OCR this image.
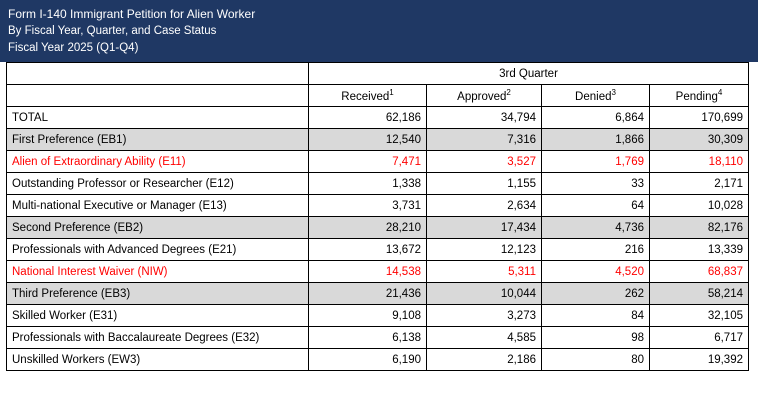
Form I-140 Immigrant Petition for Alien Worker
By Fiscal Year, Quarter, and Case Status
Fiscal Year 2025 (Q1-Q4)
	3rd Quarter			
	Received$^1$	Approved$^2$	Denied$^3$	Pending$^4$
TOTAL	62,186	34,794	6,864	170,699
First Preference (EB1)	12,540	7,316	1,866	30,309
Alien of Extraordinary Ability (E11)	7,471	3,527	1,769	18,110
Outstanding Professor or Researcher (E12)	1,338	1,155	33	2,171
Multi-national Executive or Manager (E13)	3,731	2,634	64	10,028
Second Preference (EB2)	28,210	17,434	4,736	82,176
Professionals with Advanced Degrees (E21)	13,672	12,123	216	13,339
National Interest Waiver (NIW)	14,538	5,311	4,520	68,837
Third Preference (EB3)	21,436	10,044	262	58,214
Skilled Worker (E31)	9,108	3,273	84	32,105
Professionals with Baccalaureate Degrees (E32)	6,138	4,585	98	6,717
Unskilled Workers (EW3)	6,190	2,186	80	19,392
